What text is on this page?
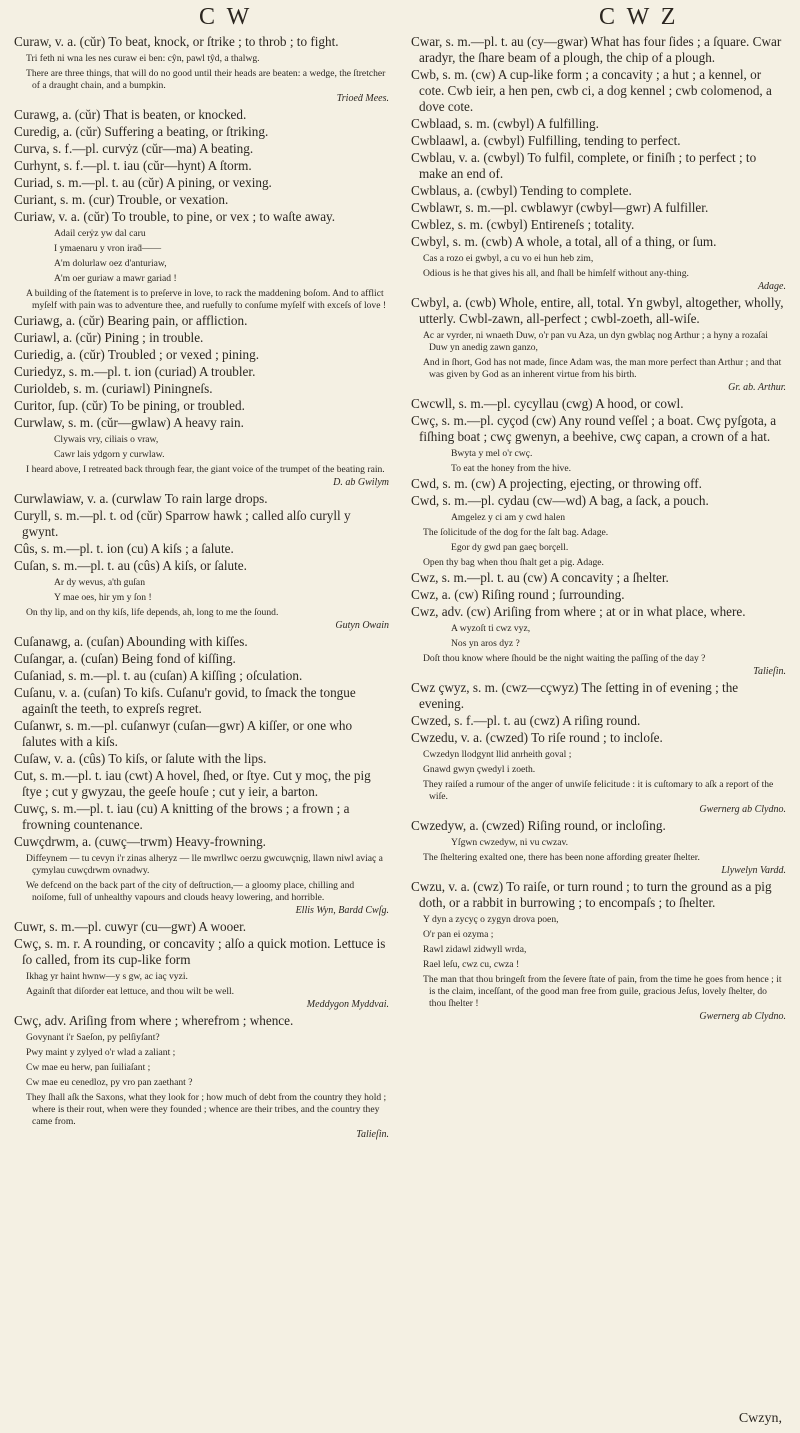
C W	C W Z
Curaw, v. a. (cŭr) To beat, knock, or ſtrike ; to throb ; to fight.
Tri feth ni wna les nes curaw ei ben: cŷn, pawl tŷd, a thalwg.
There are three things, that will do no good until their heads are beaten: a wedge, the ſtretcher of a draught chain, and a bumpkin.
Trioeḋ Mees.
Curawg, a. (cŭr) That is beaten, or knocked.
Curedig, a. (cŭr) Suffering a beating, or ſtriking.
Curva, s. f.—pl. curvẏz (cŭr—ma) A beating.
Curhynt, s. f.—pl. t. iau (cŭr—hynt) A ſtorm.
Curiad, s. m.—pl. t. au (cŭr) A pining, or vexing.
Curiant, s. m. (cur) Trouble, or vexation.
Curiaw, v. a. (cŭr) To trouble, to pine, or vex ; to waſte away.
Adail cerẏz yw dal caru
I ymaenaru y vron iraḋ——
A'm dolurlaw oez d'anturiaw,
A'm oer guriaw a mawr gariad !
A building of the ſtatement is to preſerve in love, to rack the maddening boſom. And to afflict myſelf with pain was to adventure thee, and ruefully to conſume myſelf with exceſs of love !
Curiawg, a. (cŭr) Bearing pain, or affliction.
Curiawl, a. (cŭr) Pining ; in trouble.
Curiedig, a. (cŭr) Troubled ; or vexed ; pining.
Curiedyz, s. m.—pl. t. ion (curiad) A troubler.
Curioldeb, s. m. (curiawl) Piningneſs.
Curitor, ſup. (cŭr) To be pining, or troubled.
Curwlaw, s. m. (cŭr—gwlaw) A heavy rain.
Clywais vry, ciliais o vraw,
Cawr lais ydgorn y curwlaw.
I heard above, I retreated back through fear, the giant voice of the trumpet of the beating rain.
D. ab Gwilym
Curwlawiaw, v. a. (curwlaw To rain large drops.
Curyll, s. m.—pl. t. od (cŭr) Sparrow hawk ; called alſo curyll y gwynt.
Cûs, s. m.—pl. t. ion (cu) A kiſs ; a ſalute.
Cuſan, s. m.—pl. t. au (cûs) A kiſs, or ſalute.
Ar dy wevus, a'th guſan
Y mae oes, hir ym y ſon !
On thy lip, and on thy kiſs, life depends, ah, long to me the ſound.
Gutyn Owain
Cuſanawg, a. (cuſan) Abounding with kiſſes.
Cuſangar, a. (cuſan) Being fond of kiſſing.
Cuſaniad, s. m.—pl. t. au (cuſan) A kiſſing ; oſculation.
Cuſanu, v. a. (cuſan) To kiſs. Cuſanu'r govid, to ſmack the tongue againſt the teeth, to expreſs regret.
Cuſanwr, s. m.—pl. cuſanwyr (cuſan—gwr) A kiſſer, or one who ſalutes with a kiſs.
Cuſaw, v. a. (cûs) To kiſs, or ſalute with the lips.
Cut, s. m.—pl. t. iau (cwt) A hovel, ſhed, or ſtye. Cut y moç, the pig ſtye ; cut y gwyzau, the geeſe houſe ; cut y ieir, a barton.
Cuwç, s. m.—pl. t. iau (cu) A knitting of the brows ; a frown ; a frowning countenance.
Cuwçdrwm, a. (cuwç—trwm) Heavy-frowning.
Diffeynem — tu cevyn i'r zinas alheryz — lle mwrllwc oerzu gwcuwçnig, llawn niwl aviaç a çymylau cuwçdrwm ovnadwy.
We defcend on the back part of the city of deſtruction,— a gloomy place, chilling and noiſome, full of unhealthy vapours and clouds heavy lowering, and horrible.
Ellis Wyn, Bardd Cwſg.
Cuwr, s. m.—pl. cuwyr (cu—gwr) A wooer.
Cwç, s. m. r. A rounding, or concavity ; alſo a quick motion. Lettuce is ſo called, from its cup-like form
Ikhag yr haint hwnw—y s gw, ac iaç vyzi.
Againſt that diſorder eat lettuce, and thou wilt be well.
Meddygon Myddvai.
Cwç, adv. Ariſing from where ; wherefrom ; whence.
Govynant i'r Saeſon, py pelſiyſant?
Pwy maint y zylyed o'r wlad a zaliant ;
Cw mae eu herw, pan ſuiliaſant ;
Cw mae eu cenedloz, py vro pan zaethant ?
They ſhall aſk the Saxons, what they look for ; how much of debt from the country they hold ; where is their rout, when were they founded ; whence are their tribes, and the country they came from.
Talieſin.
Cwar, s. m.—pl. t. au (cy—gwar) What has four ſides ; a ſquare. Cwar aradyr, the ſhare beam of a plough, the chip of a plough.
Cwb, s. m. (cw) A cup-like form ; a concavity ; a hut ; a kennel, or cote. Cwb ieir, a hen pen, cwb ci, a dog kennel ; cwb colomenod, a dove cote.
Cwblaad, s. m. (cwbyl) A fulfilling.
Cwblaawl, a. (cwbyl) Fulfilling, tending to perfect.
Cwblau, v. a. (cwbyl) To fulfil, complete, or finiſh ; to perfect ; to make an end of.
Cwblaus, a. (cwbyl) Tending to complete.
Cwblawr, s. m.—pl. cwblawyr (cwbyl—gwr) A fulfiller.
Cwblez, s. m. (cwbyl) Entireneſs ; totality.
Cwbyl, s. m. (cwb) A whole, a total, all of a thing, or ſum.
Cas a rozo ei gwbyl, a cu vo ei hun heb zim,
Odious is he that gives his all, and ſhall be himſelf without any-thing.
Adage.
Cwbyl, a. (cwb) Whole, entire, all, total. Yn gwbyl, altogether, wholly, utterly. Cwbl-zawn, all-perfect ; cwbl-zoeth, all-wiſe.
Ac ar vyrder, ni wnaeth Duw, o'r pan vu Aza, un dyn gwblaç nog Arthur ; a hyny a rozaſai Duw yn anedig zawn ganzo,
And in ſhort, God has not made, ſince Adam was, the man more perfect than Arthur ; and that was given by God as an inherent virtue from his birth.
Gr. ab. Arthur.
Cwcwll, s. m.—pl. cycyllau (cwg) A hood, or cowl.
Cwç, s. m.—pl. cyçod (cw) Any round veſſel ; a boat. Cwç pyſgota, a fiſhing boat ; cwç gwenyn, a beehive, cwç capan, a crown of a hat.
Bwyta y mel o'r cwç.
To eat the honey from the hive.
Cwd, s. m. (cw) A projecting, ejecting, or throwing off.
Cwd, s. m.—pl. cydau (cw—wd) A bag, a ſack, a pouch.
Amgelez y ci am y cwd halen
The ſolicitude of the dog for the ſalt bag. Adage.
Egor dy gwd pan gaeç borçell.
Open thy bag when thou ſhalt get a pig. Adage.
Cwz, s. m.—pl. t. au (cw) A concavity ; a ſhelter.
Cwz, a. (cw) Riſing round ; ſurrounding.
Cwz, adv. (cw) Ariſing from where ; at or in what place, where.
A wyzoſt ti cwz vyz,
Nos yn aros dyz ?
Doſt thou know where ſhould be the night waiting the paſſing of the day ?
Talieſin.
Cwz çwyz, s. m. (cwz—cçwyz) The ſetting in of evening ; the evening.
Cwzed, s. f.—pl. t. au (cwz) A riſing round.
Cwzedu, v. a. (cwzed) To riſe round ; to incloſe.
Cwzedyn llodgynt llid anrheith goval ;
Gnawd gwyn çwedyl i zoeth.
They raiſed a rumour of the anger of unwiſe felicitude : it is cuſtomary to aſk a report of the wiſe.
Gwernerg ab Clydno.
Cwzedyw, a. (cwzed) Riſing round, or incloſing.
Yſgwn cwzedyw, ni vu cwzav.
The ſheltering exalted one, there has been none affording greater ſhelter.
Llywelyn Vardd.
Cwzu, v. a. (cwz) To raiſe, or turn round ; to turn the ground as a pig doth, or a rabbit in burrowing ; to encompaſs ; to ſhelter.
Y dyn a zycyç o zygyn drova poen,
O'r pan ei ozyma ;
Rawl zidawl zidwyll wrda,
Rael leſu, cwz cu, cwza !
The man that thou bringeſt from the ſevere ſtate of pain, from the time he goes from hence ; it is the claim, inceſſant, of the good man free from guile, gracious Jeſus, lovely ſhelter, do thou ſhelter !
Gwernerg ab Clydno.
Cwzyn,
